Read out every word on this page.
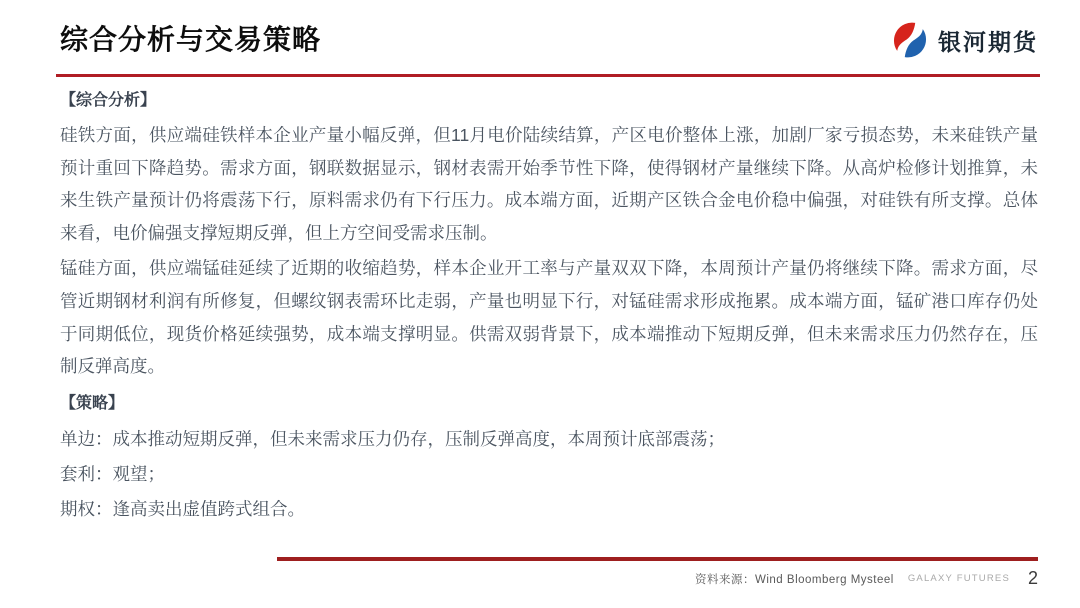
综合分析与交易策略	银河期货
【综合分析】

硅铁方面，供应端硅铁样本企业产量小幅反弹，但11月电价陆续结算，产区电价整体上涨，加剧厂家亏损态势，未来硅铁产量预计重回下降趋势。需求方面，钢联数据显示，钢材表需开始季节性下降，使得钢材产量继续下降。从高炉检修计划推算，未来生铁产量预计仍将震荡下行，原料需求仍有下行压力。成本端方面，近期产区铁合金电价稳中偏强，对硅铁有所支撑。总体来看，电价偏强支撑短期反弹，但上方空间受需求压制。

锰硅方面，供应端锰硅延续了近期的收缩趋势，样本企业开工率与产量双双下降，本周预计产量仍将继续下降。需求方面，尽管近期钢材利润有所修复，但螺纹钢表需环比走弱，产量也明显下行，对锰硅需求形成拖累。成本端方面，锰矿港口库存仍处于同期低位，现货价格延续强势，成本端支撑明显。供需双弱背景下，成本端推动下短期反弹，但未来需求压力仍然存在，压制反弹高度。

【策略】

单边：成本推动短期反弹，但未来需求压力仍存，压制反弹高度，本周预计底部震荡；

套利：观望；

期权：逢高卖出虚值跨式组合。

资料来源：Wind Bloomberg Mysteel GALAXY FUTURES 2
